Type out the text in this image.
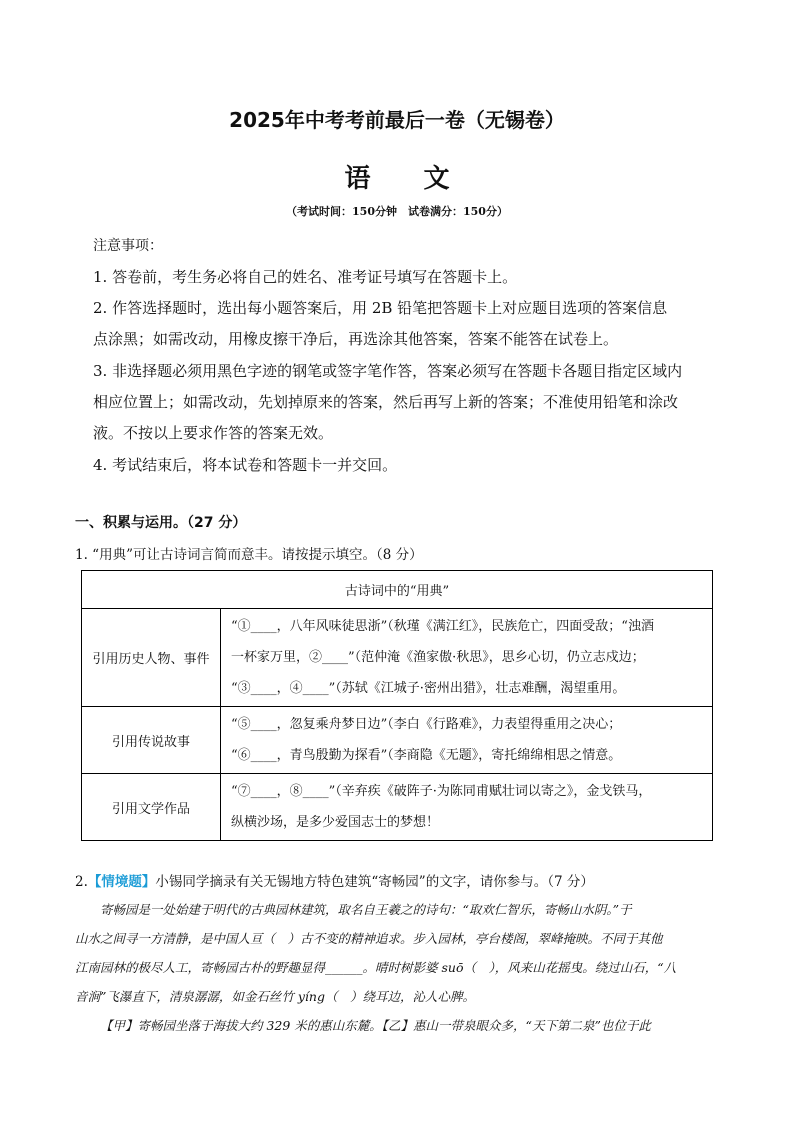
2025年中考考前最后一卷（无锡卷）
语 文
（考试时间：150分钟　试卷满分：150分）
注意事项：
1. 答卷前，考生务必将自己的姓名、准考证号填写在答题卡上。
2. 作答选择题时，选出每小题答案后，用 2B 铅笔把答题卡上对应题目选项的答案信息
点涂黑；如需改动，用橡皮擦干净后，再选涂其他答案，答案不能答在试卷上。
3. 非选择题必须用黑色字迹的钢笔或签字笔作答，答案必须写在答题卡各题目指定区域内
相应位置上；如需改动，先划掉原来的答案，然后再写上新的答案；不准使用铅笔和涂改
液。不按以上要求作答的答案无效。
4. 考试结束后，将本试卷和答题卡一并交回。
一、积累与运用。（27 分）
1. “用典”可让古诗词言简而意丰。请按提示填空。（8 分）
古诗词中的“用典”	
引用历史人物、事件	“①____，八年风味徒思浙”（秋瑾《满江红》，民族危亡，四面受敌；“浊酒
一杯家万里，②____”（范仲淹《渔家傲·秋思》，思乡心切，仍立志戍边；
“③____，④____”（苏轼《江城子·密州出猎》，壮志难酬，渴望重用。

引用传说故事	“⑤____，忽复乘舟梦日边”（李白《行路难》，力表望得重用之决心；
“⑥____，青鸟殷勤为探看”（李商隐《无题》，寄托绵绵相思之情意。

引用文学作品	“⑦____，⑧____”（辛弃疾《破阵子·为陈同甫赋壮词以寄之》，金戈铁马，
纵横沙场，是多少爱国志士的梦想！
2.【情境题】小锡同学摘录有关无锡地方特色建筑“寄畅园”的文字，请你参与。（7 分）

寄畅园是一处始建于明代的古典园林建筑，取名自王羲之的诗句：“取欢仁智乐，寄畅山水阴。”于

山水之间寻一方清静，是中国人亘（　）古不变的精神追求。步入园林，亭台楼阁，翠峰掩映。不同于其他

江南园林的极尽人工，寄畅园古朴的野趣显得______。晴时树影婆 suō（　），风来山花摇曳。绕过山石，“八

音涧”飞瀑直下，清泉潺潺，如金石丝竹 yíng（　）绕耳边，沁人心脾。

【甲】寄畅园坐落于海拔大约 329 米的惠山东麓。【乙】惠山一带泉眼众多，“天下第二泉”也位于此
